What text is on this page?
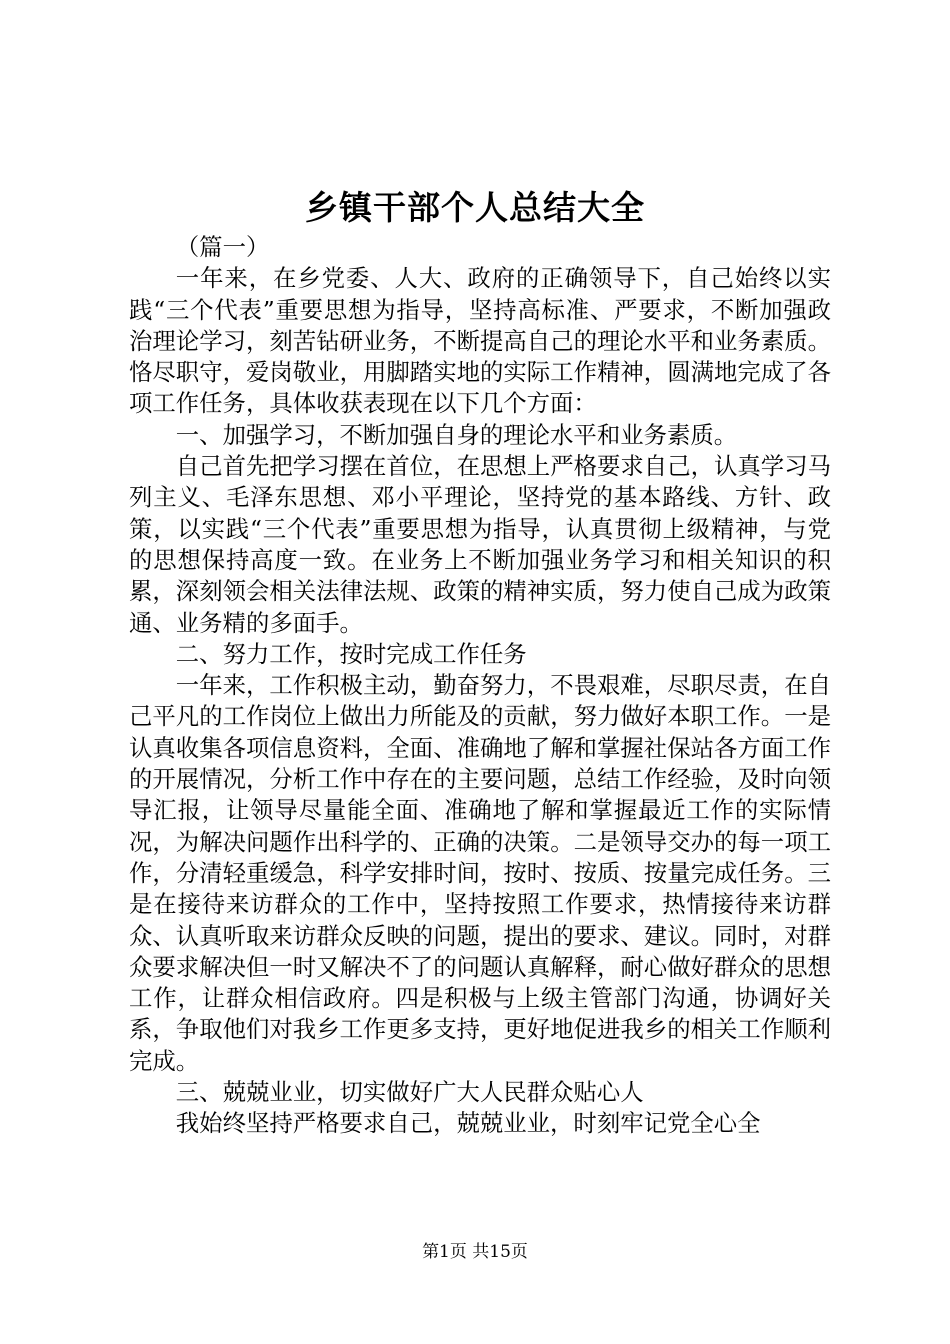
乡镇干部个人总结大全

（篇一）

一年来，在乡党委、人大、政府的正确领导下，自己始终以实践“三个代表”重要思想为指导，坚持高标准、严要求，不断加强政治理论学习，刻苦钻研业务，不断提高自己的理论水平和业务素质。恪尽职守，爱岗敬业，用脚踏实地的实际工作精神，圆满地完成了各项工作任务，具体收获表现在以下几个方面：

一、加强学习，不断加强自身的理论水平和业务素质。

自己首先把学习摆在首位，在思想上严格要求自己，认真学习马列主义、毛泽东思想、邓小平理论，坚持党的基本路线、方针、政策，以实践“三个代表”重要思想为指导，认真贯彻上级精神，与党的思想保持高度一致。在业务上不断加强业务学习和相关知识的积累，深刻领会相关法律法规、政策的精神实质，努力使自己成为政策通、业务精的多面手。

二、努力工作，按时完成工作任务

一年来，工作积极主动，勤奋努力，不畏艰难，尽职尽责，在自己平凡的工作岗位上做出力所能及的贡献，努力做好本职工作。一是认真收集各项信息资料，全面、准确地了解和掌握社保站各方面工作的开展情况，分析工作中存在的主要问题，总结工作经验，及时向领导汇报，让领导尽量能全面、准确地了解和掌握最近工作的实际情况，为解决问题作出科学的、正确的决策。二是领导交办的每一项工作，分清轻重缓急，科学安排时间，按时、按质、按量完成任务。三是在接待来访群众的工作中，坚持按照工作要求，热情接待来访群众、认真听取来访群众反映的问题，提出的要求、建议。同时，对群众要求解决但一时又解决不了的问题认真解释，耐心做好群众的思想工作，让群众相信政府。四是积极与上级主管部门沟通，协调好关系，争取他们对我乡工作更多支持，更好地促进我乡的相关工作顺利完成。

三、兢兢业业，切实做好广大人民群众贴心人

我始终坚持严格要求自己，兢兢业业，时刻牢记党全心全

第1页 共15页
